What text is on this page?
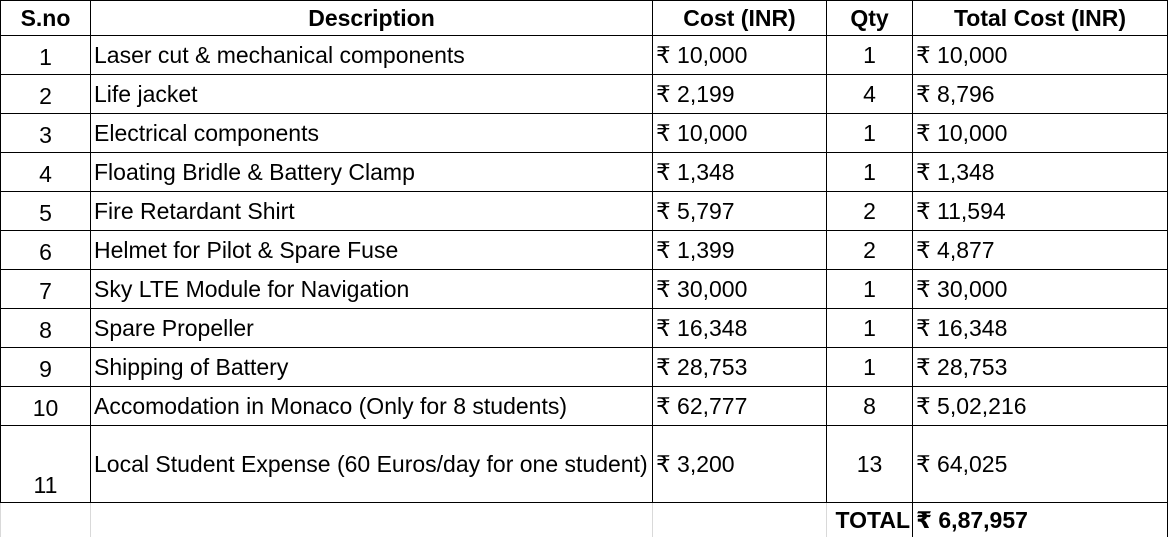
S.no	Description	Cost (INR)	Qty	Total Cost (INR)
1	Laser cut & mechanical components	₹ 10,000	1	₹ 10,000
2	Life jacket	₹ 2,199	4	₹ 8,796
3	Electrical components	₹ 10,000	1	₹ 10,000
4	Floating Bridle & Battery Clamp	₹ 1,348	1	₹ 1,348
5	Fire Retardant Shirt	₹ 5,797	2	₹ 11,594
6	Helmet for Pilot & Spare Fuse	₹ 1,399	2	₹ 4,877
7	Sky LTE Module for Navigation	₹ 30,000	1	₹ 30,000
8	Spare Propeller	₹ 16,348	1	₹ 16,348
9	Shipping of Battery	₹ 28,753	1	₹ 28,753
10	Accomodation in Monaco (Only for 8 students)	₹ 62,777	8	₹ 5,02,216
11	Local Student Expense (60 Euros/day for one student)	₹ 3,200	13	₹ 64,025
			TOTAL	₹ 6,87,957
